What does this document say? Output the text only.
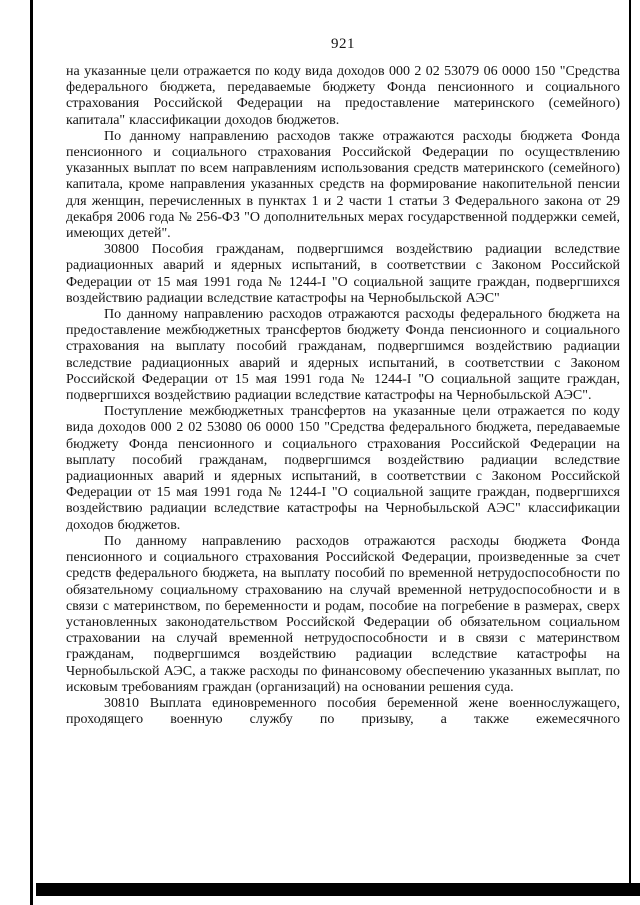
921

на указанные цели отражается по коду вида доходов 000 2 02 53079 06 0000 150 "Средства федерального бюджета, передаваемые бюджету Фонда пенсионного и социального страхования Российской Федерации на предоставление материнского (семейного) капитала" классификации доходов бюджетов.

По данному направлению расходов также отражаются расходы бюджета Фонда пенсионного и социального страхования Российской Федерации по осуществлению указанных выплат по всем направлениям использования средств материнского (семейного) капитала, кроме направления указанных средств на формирование накопительной пенсии для женщин, перечисленных в пунктах 1 и 2 части 1 статьи 3 Федерального закона от 29 декабря 2006 года № 256-ФЗ "О дополнительных мерах государственной поддержки семей, имеющих детей".

30800 Пособия гражданам, подвергшимся воздействию радиации вследствие радиационных аварий и ядерных испытаний, в соответствии с Законом Российской Федерации от 15 мая 1991 года № 1244-I "О социальной защите граждан, подвергшихся воздействию радиации вследствие катастрофы на Чернобыльской АЭС"

По данному направлению расходов отражаются расходы федерального бюджета на предоставление межбюджетных трансфертов бюджету Фонда пенсионного и социального страхования на выплату пособий гражданам, подвергшимся воздействию радиации вследствие радиационных аварий и ядерных испытаний, в соответствии с Законом Российской Федерации от 15 мая 1991 года № 1244-I "О социальной защите граждан, подвергшихся воздействию радиации вследствие катастрофы на Чернобыльской АЭС".

Поступление межбюджетных трансфертов на указанные цели отражается по коду вида доходов 000 2 02 53080 06 0000 150 "Средства федерального бюджета, передаваемые бюджету Фонда пенсионного и социального страхования Российской Федерации на выплату пособий гражданам, подвергшимся воздействию радиации вследствие радиационных аварий и ядерных испытаний, в соответствии с Законом Российской Федерации от 15 мая 1991 года № 1244-I "О социальной защите граждан, подвергшихся воздействию радиации вследствие катастрофы на Чернобыльской АЭС" классификации доходов бюджетов.

По данному направлению расходов отражаются расходы бюджета Фонда пенсионного и социального страхования Российской Федерации, произведенные за счет средств федерального бюджета, на выплату пособий по временной нетрудоспособности по обязательному социальному страхованию на случай временной нетрудоспособности и в связи с материнством, по беременности и родам, пособие на погребение в размерах, сверх установленных законодательством Российской Федерации об обязательном социальном страховании на случай временной нетрудоспособности и в связи с материнством гражданам, подвергшимся воздействию радиации вследствие катастрофы на Чернобыльской АЭС, а также расходы по финансовому обеспечению указанных выплат, по исковым требованиям граждан (организаций) на основании решения суда.

30810 Выплата единовременного пособия беременной жене военнослужащего, проходящего военную службу по призыву, а также ежемесячного
